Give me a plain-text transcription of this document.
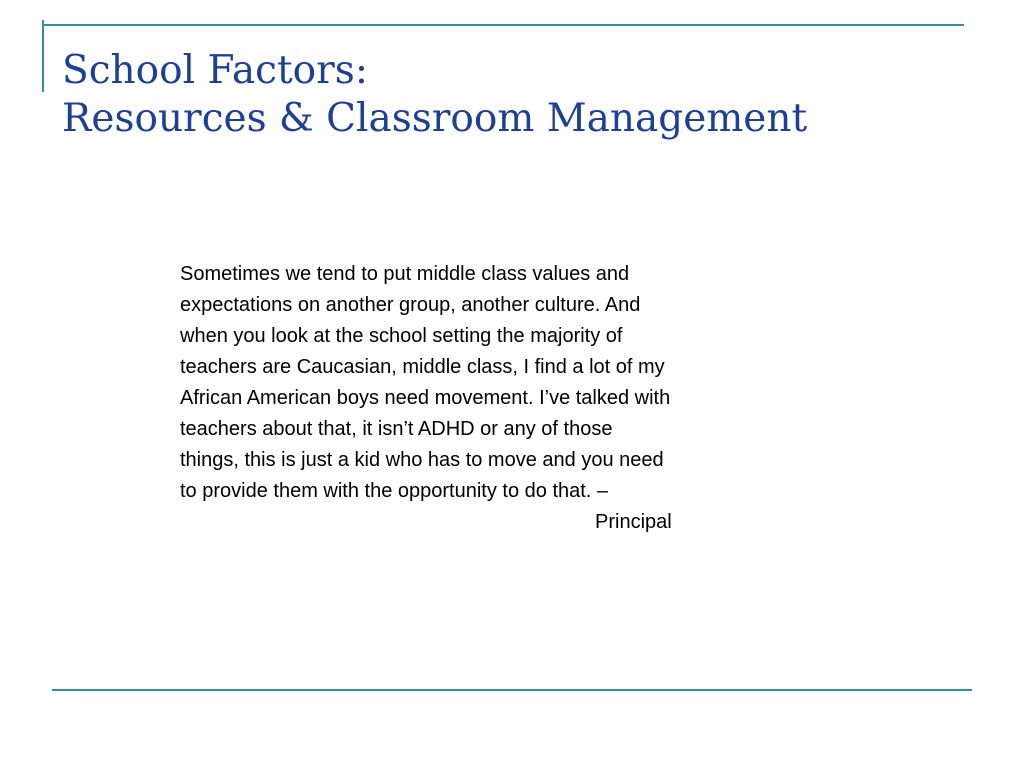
School Factors:
Resources & Classroom Management

Sometimes we tend to put middle class values and
expectations on another group, another culture. And
when you look at the school setting the majority of
teachers are Caucasian, middle class, I find a lot of my
African American boys need movement. I’ve talked with
teachers about that, it isn’t ADHD or any of those
things, this is just a kid who has to move and you need
to provide them with the opportunity to do that. –
Principal
